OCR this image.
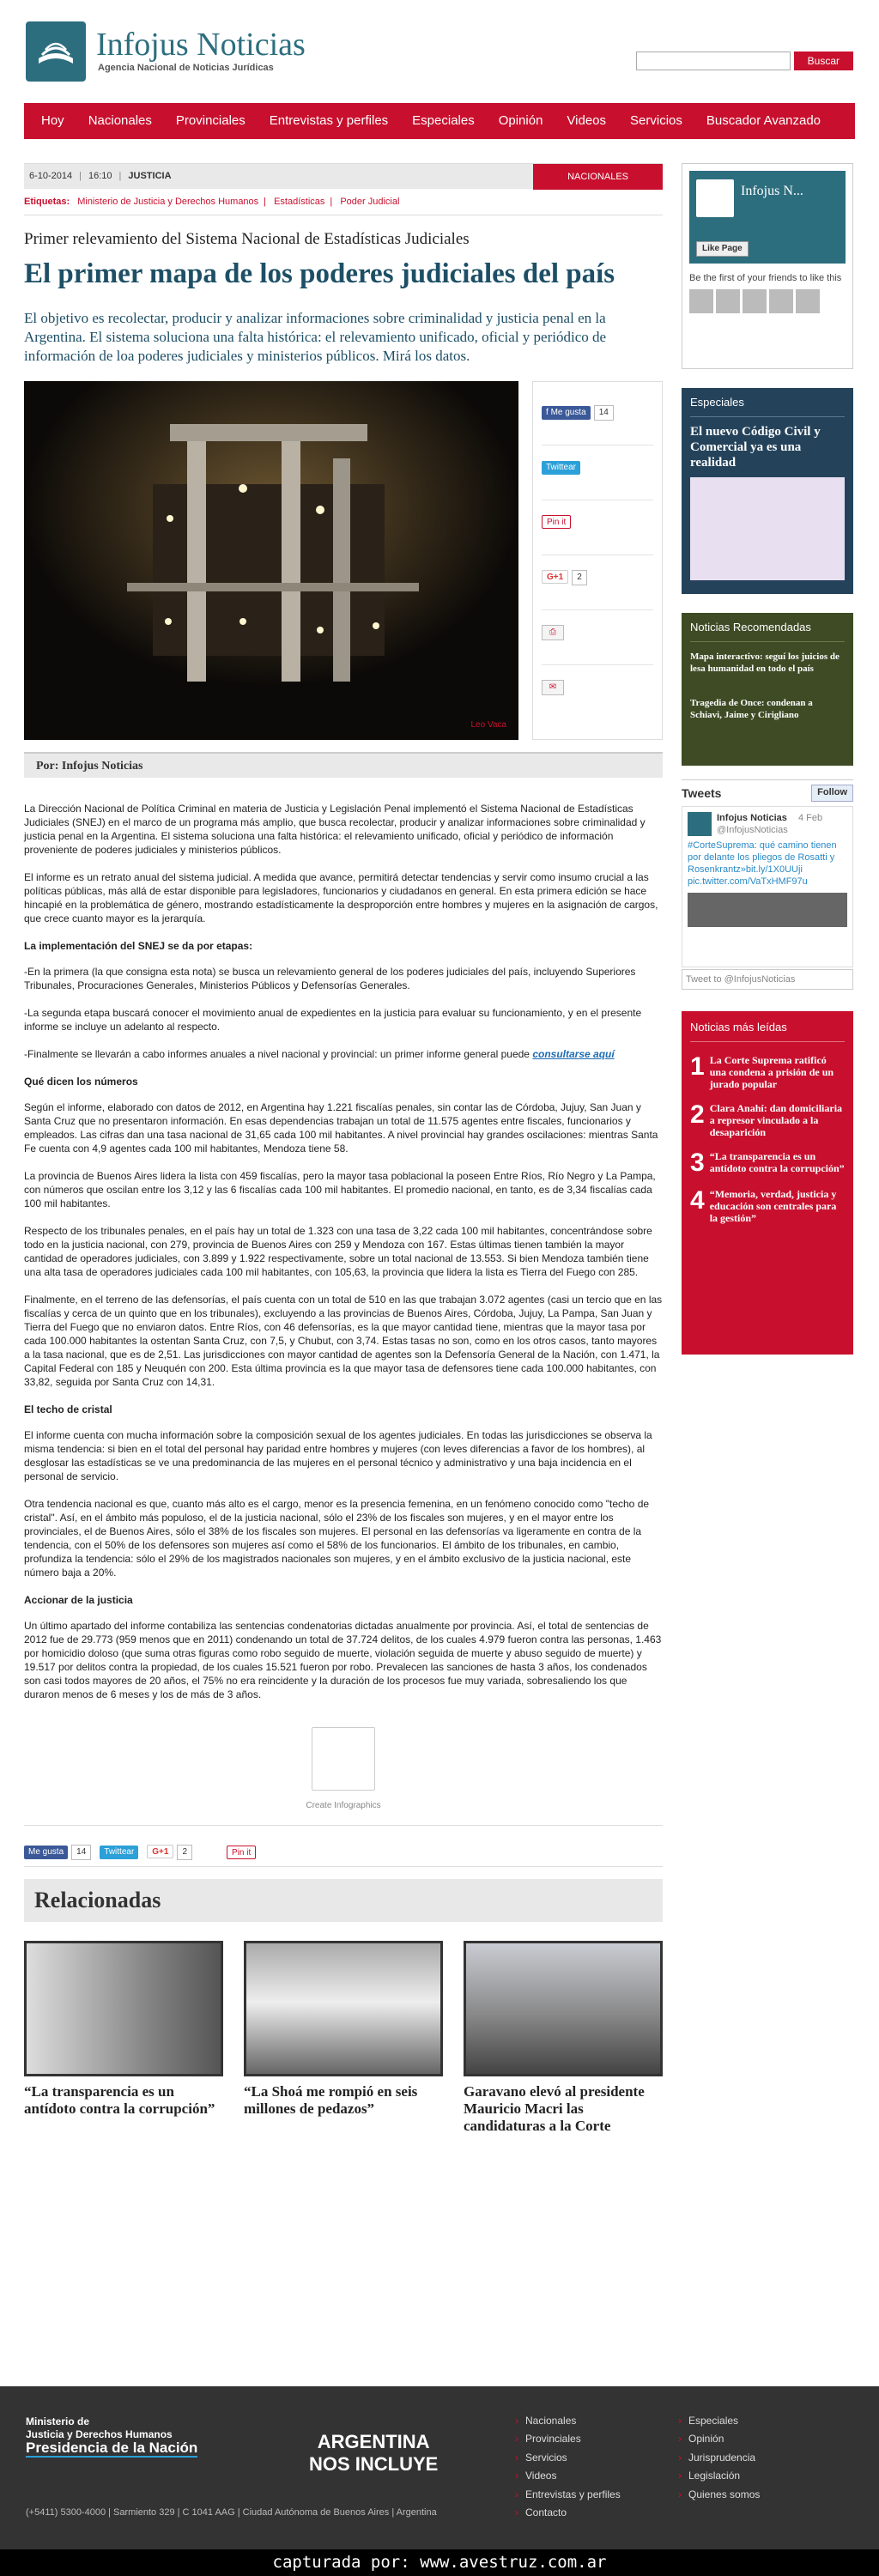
Infojus Noticias
Agencia Nacional de Noticias Jurídicas
Buscar
Hoy	Nacionales	Provinciales	Entrevistas y perfiles	Especiales	Opinión	Videos	Servicios	Buscador Avanzado
6-10-2014 | 16:10 | JUSTICIA	NACIONALES
Etiquetas: Ministerio de Justicia y Derechos Humanos | Estadísticas | Poder Judicial
Primer relevamiento del Sistema Nacional de Estadísticas Judiciales
El primer mapa de los poderes judiciales del país
El objetivo es recolectar, producir y analizar informaciones sobre criminalidad y justicia penal en la Argentina. El sistema soluciona una falta histórica: el relevamiento unificado, oficial y periódico de información de loa poderes judiciales y ministerios públicos. Mirá los datos.
Leo Vaca
f Me gusta 14
Twittear
Pin it
G+1 2
⎙
✉
Por: Infojus Noticias

La Dirección Nacional de Política Criminal en materia de Justicia y Legislación Penal implementó el Sistema Nacional de Estadísticas Judiciales (SNEJ) en el marco de un programa más amplio, que busca recolectar, producir y analizar informaciones sobre criminalidad y justicia penal en la Argentina. El sistema soluciona una falta histórica: el relevamiento unificado, oficial y periódico de información proveniente de poderes judiciales y ministerios públicos.

El informe es un retrato anual del sistema judicial. A medida que avance, permitirá detectar tendencias y servir como insumo crucial a las políticas públicas, más allá de estar disponible para legisladores, funcionarios y ciudadanos en general. En esta primera edición se hace hincapié en la problemática de género, mostrando estadísticamente la desproporción entre hombres y mujeres en la asignación de cargos, que crece cuanto mayor es la jerarquía.

La implementación del SNEJ se da por etapas:

-En la primera (la que consigna esta nota) se busca un relevamiento general de los poderes judiciales del país, incluyendo Superiores Tribunales, Procuraciones Generales, Ministerios Públicos y Defensorías Generales.

-La segunda etapa buscará conocer el movimiento anual de expedientes en la justicia para evaluar su funcionamiento, y en el presente informe se incluye un adelanto al respecto.

-Finalmente se llevarán a cabo informes anuales a nivel nacional y provincial: un primer informe general puede consultarse aquí

Qué dicen los números

Según el informe, elaborado con datos de 2012, en Argentina hay 1.221 fiscalías penales, sin contar las de Córdoba, Jujuy, San Juan y Santa Cruz que no presentaron información. En esas dependencias trabajan un total de 11.575 agentes entre fiscales, funcionarios y empleados. Las cifras dan una tasa nacional de 31,65 cada 100 mil habitantes. A nivel provincial hay grandes oscilaciones: mientras Santa Fe cuenta con 4,9 agentes cada 100 mil habitantes, Mendoza tiene 58.

La provincia de Buenos Aires lidera la lista con 459 fiscalías, pero la mayor tasa poblacional la poseen Entre Ríos, Río Negro y La Pampa, con números que oscilan entre los 3,12 y las 6 fiscalías cada 100 mil habitantes. El promedio nacional, en tanto, es de 3,34 fiscalías cada 100 mil habitantes.

Respecto de los tribunales penales, en el país hay un total de 1.323 con una tasa de 3,22 cada 100 mil habitantes, concentrándose sobre todo en la justicia nacional, con 279, provincia de Buenos Aires con 259 y Mendoza con 167. Estas últimas tienen también la mayor cantidad de operadores judiciales, con 3.899 y 1.922 respectivamente, sobre un total nacional de 13.553. Si bien Mendoza también tiene una alta tasa de operadores judiciales cada 100 mil habitantes, con 105,63, la provincia que lidera la lista es Tierra del Fuego con 285.

Finalmente, en el terreno de las defensorías, el país cuenta con un total de 510 en las que trabajan 3.072 agentes (casi un tercio que en las fiscalías y cerca de un quinto que en los tribunales), excluyendo a las provincias de Buenos Aires, Córdoba, Jujuy, La Pampa, San Juan y Tierra del Fuego que no enviaron datos. Entre Ríos, con 46 defensorías, es la que mayor cantidad tiene, mientras que la mayor tasa por cada 100.000 habitantes la ostentan Santa Cruz, con 7,5, y Chubut, con 3,74. Estas tasas no son, como en los otros casos, tanto mayores a la tasa nacional, que es de 2,51. Las jurisdicciones con mayor cantidad de agentes son la Defensoría General de la Nación, con 1.471, la Capital Federal con 185 y Neuquén con 200. Esta última provincia es la que mayor tasa de defensores tiene cada 100.000 habitantes, con 33,82, seguida por Santa Cruz con 14,31.

El techo de cristal

El informe cuenta con mucha información sobre la composición sexual de los agentes judiciales. En todas las jurisdicciones se observa la misma tendencia: si bien en el total del personal hay paridad entre hombres y mujeres (con leves diferencias a favor de los hombres), al desglosar las estadísticas se ve una predominancia de las mujeres en el personal técnico y administrativo y una baja incidencia en el personal de servicio.

Otra tendencia nacional es que, cuanto más alto es el cargo, menor es la presencia femenina, en un fenómeno conocido como "techo de cristal". Así, en el ámbito más populoso, el de la justicia nacional, sólo el 23% de los fiscales son mujeres, y en el mayor entre los provinciales, el de Buenos Aires, sólo el 38% de los fiscales son mujeres. El personal en las defensorías va ligeramente en contra de la tendencia, con el 50% de los defensores son mujeres así como el 58% de los funcionarios. El ámbito de los tribunales, en cambio, profundiza la tendencia: sólo el 29% de los magistrados nacionales son mujeres, y en el ámbito exclusivo de la justicia nacional, este número baja a 20%.

Accionar de la justicia

Un último apartado del informe contabiliza las sentencias condenatorias dictadas anualmente por provincia. Así, el total de sentencias de 2012 fue de 29.773 (959 menos que en 2011) condenando un total de 37.724 delitos, de los cuales 4.979 fueron contra las personas, 1.463 por homicidio doloso (que suma otras figuras como robo seguido de muerte, violación seguida de muerte y abuso seguido de muerte) y 19.517 por delitos contra la propiedad, de los cuales 15.521 fueron por robo. Prevalecen las sanciones de hasta 3 años, los condenados son casi todos mayores de 20 años, el 75% no era reincidente y la duración de los procesos fue muy variada, sobresaliendo los que duraron menos de 6 meses y los de más de 3 años.

Create Infographics
Me gusta 14	Twittear	G+1 2	Pin it
Relacionadas
“La transparencia es un antídoto contra la corrupción”
“La Shoá me rompió en seis millones de pedazos”
Garavano elevó al presidente Mauricio Macri las candidaturas a la Corte
Infojus N...
Like Page
Be the first of your friends to like this
Especiales
El nuevo Código Civil y Comercial ya es una realidad
Noticias Recomendadas
Mapa interactivo: seguí los juicios de lesa humanidad en todo el país
Tragedia de Once: condenan a Schiavi, Jaime y Cirigliano
Tweets	Follow
Infojus Noticias 4 Feb
@InfojusNoticias
#CorteSuprema: qué camino tienen por delante los pliegos de Rosatti y Rosenkrantz»bit.ly/1X0UUji pic.twitter.com/VaTxHMF97u
Tweet to @InfojusNoticias
Noticias más leídas
1 La Corte Suprema ratificó una condena a prisión de un jurado popular
2 Clara Anahí: dan domiciliaria a represor vinculado a la desaparición
3 “La transparencia es un antídoto contra la corrupción”
4 “Memoria, verdad, justicia y educación son centrales para la gestión”
Ministerio de
Justicia y Derechos Humanos
Presidencia de la Nación	ARGENTINA
NOS INCLUYE
(+5411) 5300-4000 | Sarmiento 329 | C 1041 AAG | Ciudad Autónoma de Buenos Aires | Argentina
› Nacionales	› Especiales
› Provinciales	› Opinión
› Servicios	› Jurisprudencia
› Videos	› Legislación
› Entrevistas y perfiles	› Quienes somos
› Contacto
capturada por: www.avestruz.com.ar
